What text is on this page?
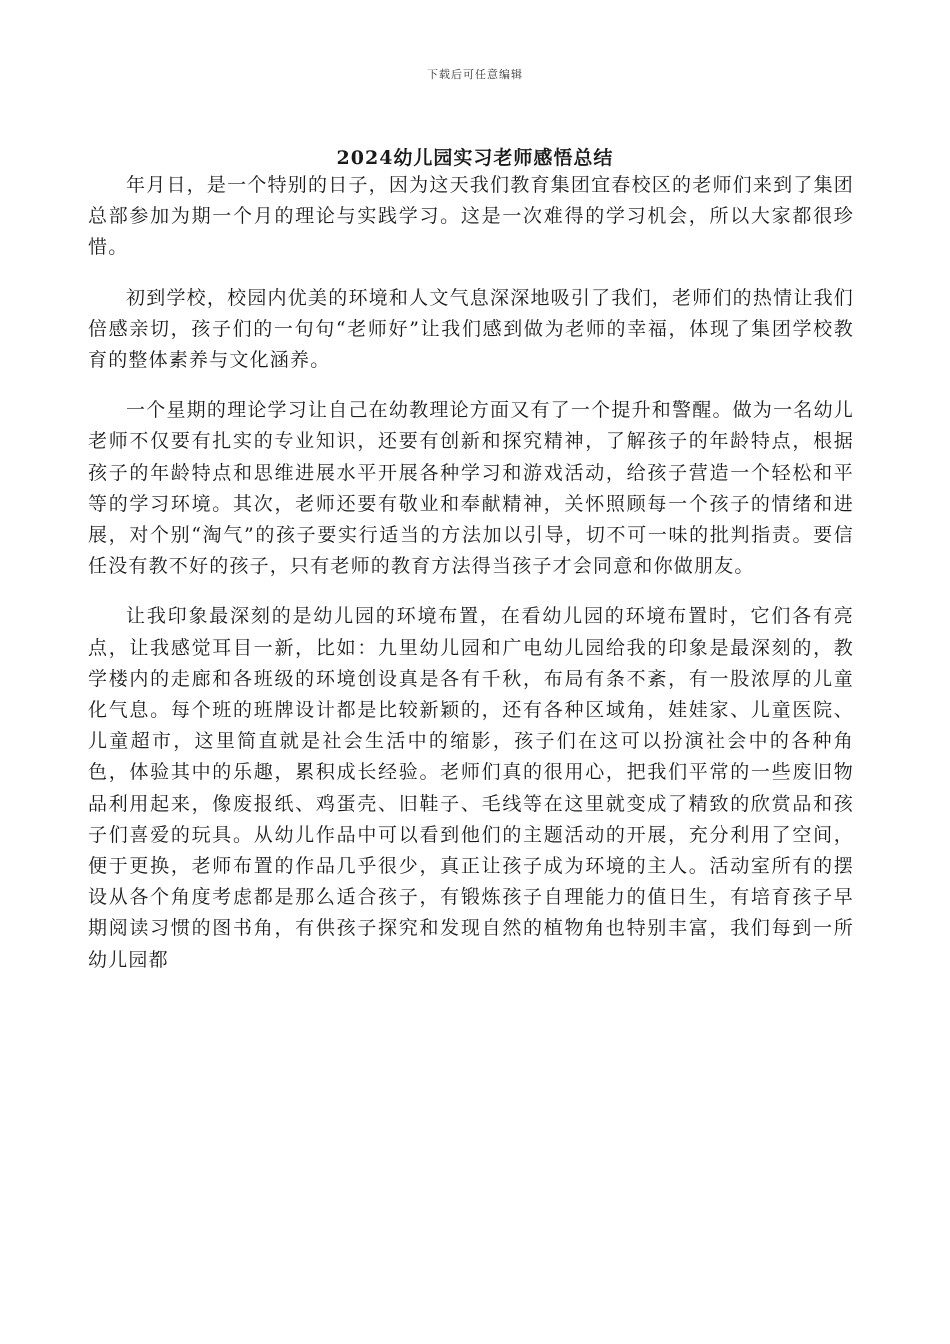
下载后可任意编辑
2024幼儿园实习老师感悟总结

年月日，是一个特别的日子，因为这天我们教育集团宜春校区的老师们来到了集团总部参加为期一个月的理论与实践学习。这是一次难得的学习机会，所以大家都很珍惜。

初到学校，校园内优美的环境和人文气息深深地吸引了我们，老师们的热情让我们倍感亲切，孩子们的一句句“老师好”让我们感到做为老师的幸福，体现了集团学校教育的整体素养与文化涵养。

一个星期的理论学习让自己在幼教理论方面又有了一个提升和警醒。做为一名幼儿老师不仅要有扎实的专业知识，还要有创新和探究精神，了解孩子的年龄特点，根据孩子的年龄特点和思维进展水平开展各种学习和游戏活动，给孩子营造一个轻松和平等的学习环境。其次，老师还要有敬业和奉献精神，关怀照顾每一个孩子的情绪和进展，对个别“淘气”的孩子要实行适当的方法加以引导，切不可一味的批判指责。要信任没有教不好的孩子，只有老师的教育方法得当孩子才会同意和你做朋友。

让我印象最深刻的是幼儿园的环境布置，在看幼儿园的环境布置时，它们各有亮点，让我感觉耳目一新，比如：九里幼儿园和广电幼儿园给我的印象是最深刻的，教学楼内的走廊和各班级的环境创设真是各有千秋，布局有条不紊，有一股浓厚的儿童化气息。每个班的班牌设计都是比较新颖的，还有各种区域角，娃娃家、儿童医院、儿童超市，这里简直就是社会生活中的缩影，孩子们在这可以扮演社会中的各种角色，体验其中的乐趣，累积成长经验。老师们真的很用心，把我们平常的一些废旧物品利用起来，像废报纸、鸡蛋壳、旧鞋子、毛线等在这里就变成了精致的欣赏品和孩子们喜爱的玩具。从幼儿作品中可以看到他们的主题活动的开展，充分利用了空间，便于更换，老师布置的作品几乎很少，真正让孩子成为环境的主人。活动室所有的摆设从各个角度考虑都是那么适合孩子，有锻炼孩子自理能力的值日生，有培育孩子早期阅读习惯的图书角，有供孩子探究和发现自然的植物角也特别丰富，我们每到一所幼儿园都
